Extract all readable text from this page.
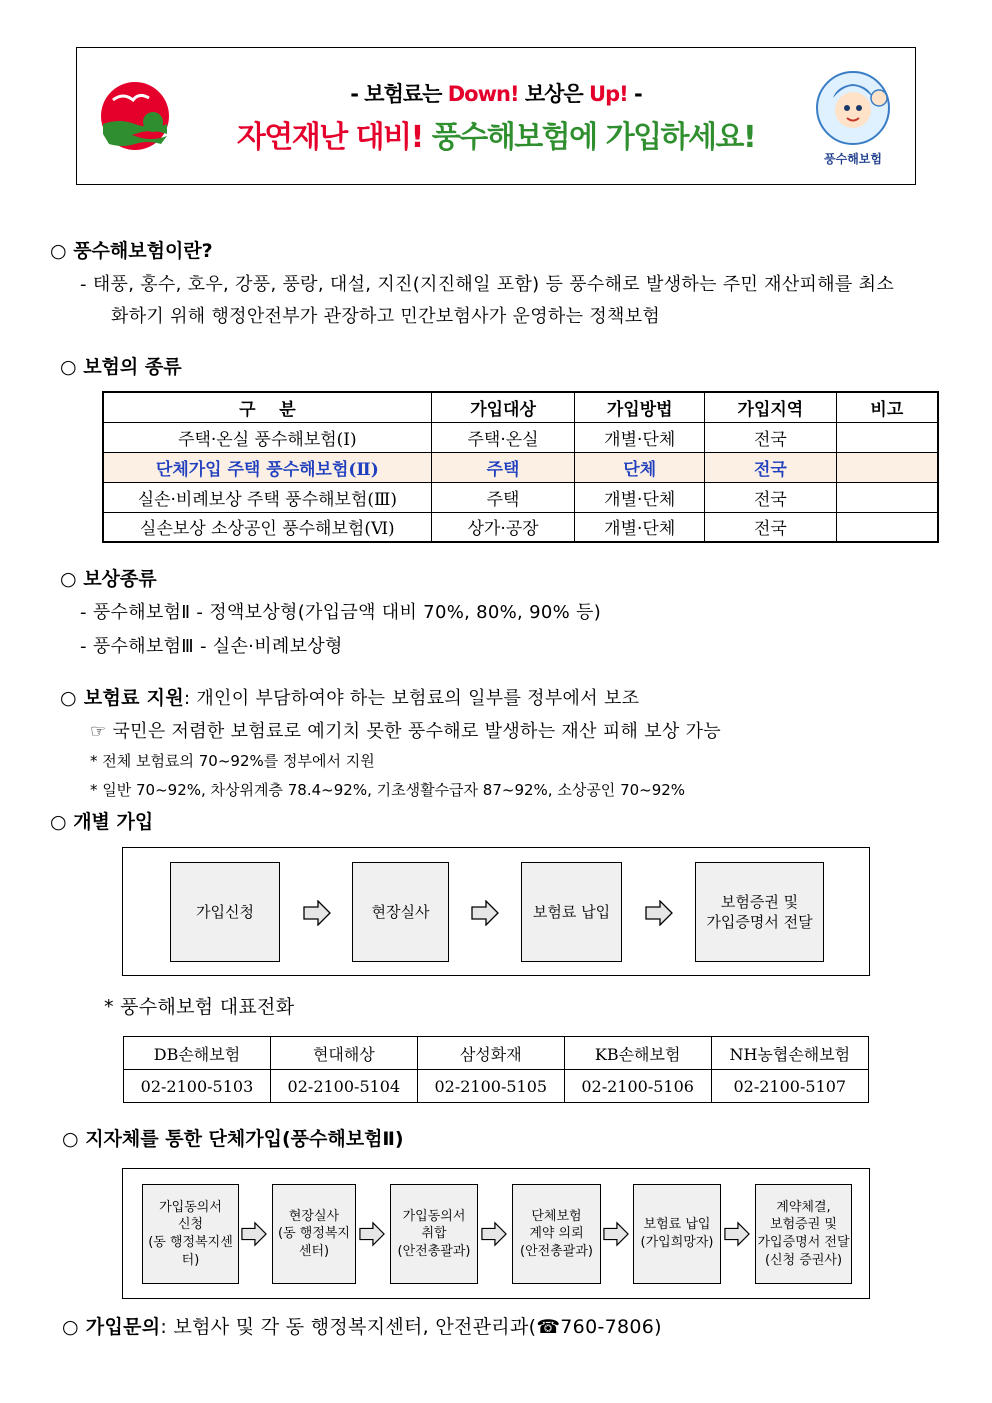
- 보험료는 Down! 보상은 Up! -
자연재난 대비! 풍수해보험에 가입하세요!
풍수해보험
○ 풍수해보험이란?
- 태풍, 홍수, 호우, 강풍, 풍랑, 대설, 지진(지진해일 포함) 등 풍수해로 발생하는 주민 재산피해를 최소
화하기 위해 행정안전부가 관장하고 민간보험사가 운영하는 정책보험
○ 보험의 종류
구    분	가입대상	가입방법	가입지역	비고
주택·온실 풍수해보험(Ⅰ)	주택·온실	개별·단체	전국	
단체가입 주택 풍수해보험(Ⅱ)	주택	단체	전국	
실손·비례보상 주택 풍수해보험(Ⅲ)	주택	개별·단체	전국	
실손보상 소상공인 풍수해보험(Ⅵ)	상가·공장	개별·단체	전국	
○ 보상종류
- 풍수해보험Ⅱ - 정액보상형(가입금액 대비 70%, 80%, 90% 등)
- 풍수해보험Ⅲ - 실손·비례보상형
○ 보험료 지원: 개인이 부담하여야 하는 보험료의 일부를 정부에서 보조
☞ 국민은 저렴한 보험료로 예기치 못한 풍수해로 발생하는 재산 피해 보상 가능
* 전체 보험료의 70~92%를 정부에서 지원
* 일반 70~92%, 차상위계층 78.4~92%, 기초생활수급자 87~92%, 소상공인 70~92%
○ 개별 가입
가입신청	현장실사	보험료 납입
보험증권 및
가입증명서 전달
* 풍수해보험 대표전화
DB손해보험	현대해상	삼성화재	KB손해보험	NH농협손해보험
02-2100-5103	02-2100-5104	02-2100-5105	02-2100-5106	02-2100-5107
○ 지자체를 통한 단체가입(풍수해보험Ⅱ)
가입동의서
신청
(동 행정복지센터)
현장실사
(동 행정복지센터)
가입동의서
취합
(안전총괄과)
단체보험
계약 의뢰
(안전총괄과)
보험료 납입
(가입희망자)
계약체결,
보험증권 및
가입증명서 전달
(신청 증권사)
○ 가입문의: 보험사 및 각 동 행정복지센터, 안전관리과(☎760-7806)
